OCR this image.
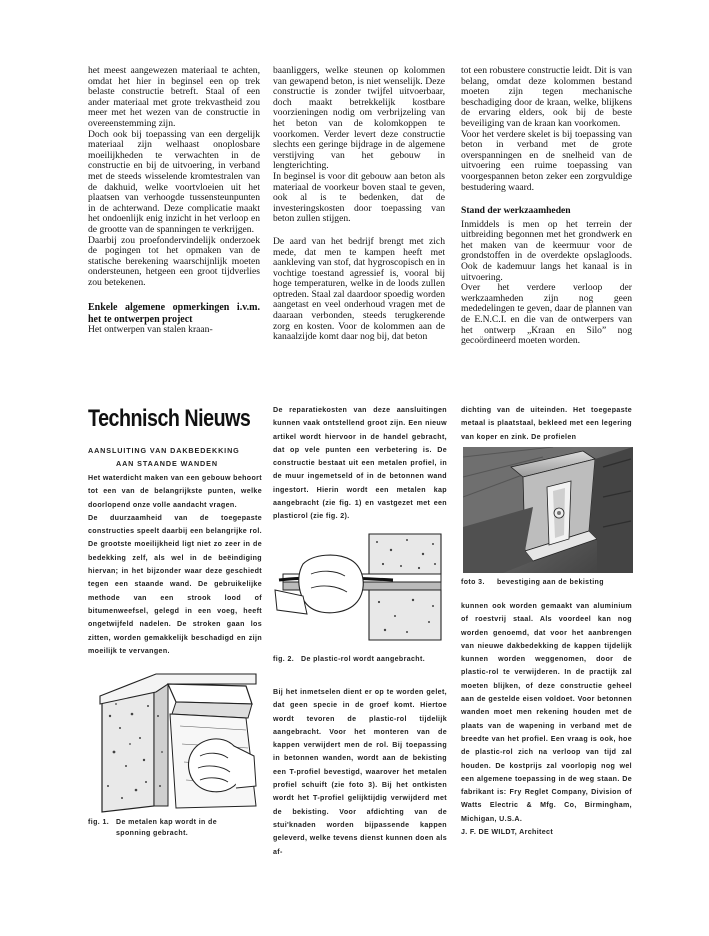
het meest aangewezen materiaal te achten, omdat het hier in beginsel een op trek belaste constructie betreft. Staal of een ander materiaal met grote trekvastheid zou meer met het wezen van de constructie in overeenstemming zijn.

Doch ook bij toepassing van een dergelijk materiaal zijn welhaast onoplosbare moeilijkheden te verwachten in de constructie en bij de uitvoering, in verband met de steeds wisselende kromtestralen van de dakhuid, welke voortvloeien uit het plaatsen van verhoogde tussensteunpunten in de achterwand. Deze complicatie maakt het ondoenlijk enig inzicht in het verloop en de grootte van de spanningen te verkrijgen.

Daarbij zou proefondervindelijk onderzoek de pogingen tot het opmaken van de statische berekening waarschijnlijk moeten ondersteunen, hetgeen een groot tijdverlies zou betekenen.

Enkele algemene opmerkingen i.v.m. het te ontwerpen project

Het ontwerpen van stalen kraan-

baanliggers, welke steunen op kolommen van gewapend beton, is niet wenselijk. Deze constructie is zonder twijfel uitvoerbaar, doch maakt betrekkelijk kostbare voorzieningen nodig om verbrijzeling van het beton van de kolomkoppen te voorkomen. Verder levert deze constructie slechts een geringe bijdrage in de algemene verstijving van het gebouw in lengterichting.

In beginsel is voor dit gebouw aan beton als materiaal de voorkeur boven staal te geven, ook al is te bedenken, dat de investeringskosten door toepassing van beton zullen stijgen.

De aard van het bedrijf brengt met zich mede, dat men te kampen heeft met aankleving van stof, dat hygroscopisch en in vochtige toestand agressief is, vooral bij hoge temperaturen, welke in de loods zullen optreden. Staal zal daardoor spoedig worden aangetast en veel onderhoud vragen met de daaraan verbonden, steeds terugkerende zorg en kosten. Voor de kolommen aan de kanaalzijde komt daar nog bij, dat beton

tot een robustere constructie leidt. Dit is van belang, omdat deze kolommen bestand moeten zijn tegen mechanische beschadiging door de kraan, welke, blijkens de ervaring elders, ook bij de beste beveiliging van de kraan kan voorkomen.

Voor het verdere skelet is bij toepassing van beton in verband met de grote overspanningen en de snelheid van de uitvoering een ruime toepassing van voorgespannen beton zeker een zorgvuldige bestudering waard.

Stand der werkzaamheden

Inmiddels is men op het terrein der uitbreiding begonnen met het grondwerk en het maken van de keermuur voor de grondstoffen in de overdekte opslagloods. Ook de kademuur langs het kanaal is in uitvoering.

Over het verdere verloop der werkzaamheden zijn nog geen mededelingen te geven, daar de plannen van de E.N.C.I. en die van de ontwerpers van het ontwerp „Kraan en Silo” nog gecoördineerd moeten worden.

Technisch Nieuws
AANSLUITING VAN DAKBEDEKKING
AAN STAANDE WANDEN

Het waterdicht maken van een gebouw behoort tot een van de belangrijkste punten, welke doorlopend onze volle aandacht vragen.

De duurzaamheid van de toegepaste constructies speelt daarbij een belangrijke rol. De grootste moeilijkheid ligt niet zo zeer in de bedekking zelf, als wel in de beëindiging hiervan; in het bijzonder waar deze geschiedt tegen een staande wand. De gebruikelijke methode van een strook lood of bitumenweefsel, gelegd in een voeg, heeft ongetwijfeld nadelen. De stroken gaan los zitten, worden gemakkelijk beschadigd en zijn moeilijk te vervangen.

fig. 1. De metalen kap wordt in de
sponning gebracht.

De reparatiekosten van deze aansluitingen kunnen vaak ontstellend groot zijn. Een nieuw artikel wordt hiervoor in de handel gebracht, dat op vele punten een verbetering is. De constructie bestaat uit een metalen profiel, in de muur ingemetseld of in de betonnen wand ingestort. Hierin wordt een metalen kap aangebracht (zie fig. 1) en vastgezet met een plasticrol (zie fig. 2).

fig. 2. De plastic-rol wordt aangebracht.

Bij het inmetselen dient er op te worden gelet, dat geen specie in de groef komt. Hiertoe wordt tevoren de plastic-rol tijdelijk aangebracht. Voor het monteren van de kappen verwijdert men de rol. Bij toepassing in betonnen wanden, wordt aan de bekisting een T-profiel bevestigd, waarover het metalen profiel schuift (zie foto 3). Bij het ontkisten wordt het T-profiel gelijktijdig verwijderd met de bekisting. Voor afdichting van de stui'knaden worden bijpassende kappen geleverd, welke tevens dienst kunnen doen als af-

dichting van de uiteinden. Het toegepaste metaal is plaatstaal, bekleed met een legering van koper en zink. De profielen

foto 3. bevestiging aan de bekisting

kunnen ook worden gemaakt van aluminium of roestvrij staal. Als voordeel kan nog worden genoemd, dat voor het aanbrengen van nieuwe dakbedekking de kappen tijdelijk kunnen worden weggenomen, door de plastic-rol te verwijderen. In de practijk zal moeten blijken, of deze constructie geheel aan de gestelde eisen voldoet. Voor betonnen wanden moet men rekening houden met de plaats van de wapening in verband met de breedte van het profiel. Een vraag is ook, hoe de plastic-rol zich na verloop van tijd zal houden. De kostprijs zal voorlopig nog wel een algemene toepassing in de weg staan. De fabrikant is: Fry Reglet Company, Division of Watts Electric & Mfg. Co, Birmingham, Michigan, U.S.A.

J. F. DE WILDT, Architect
